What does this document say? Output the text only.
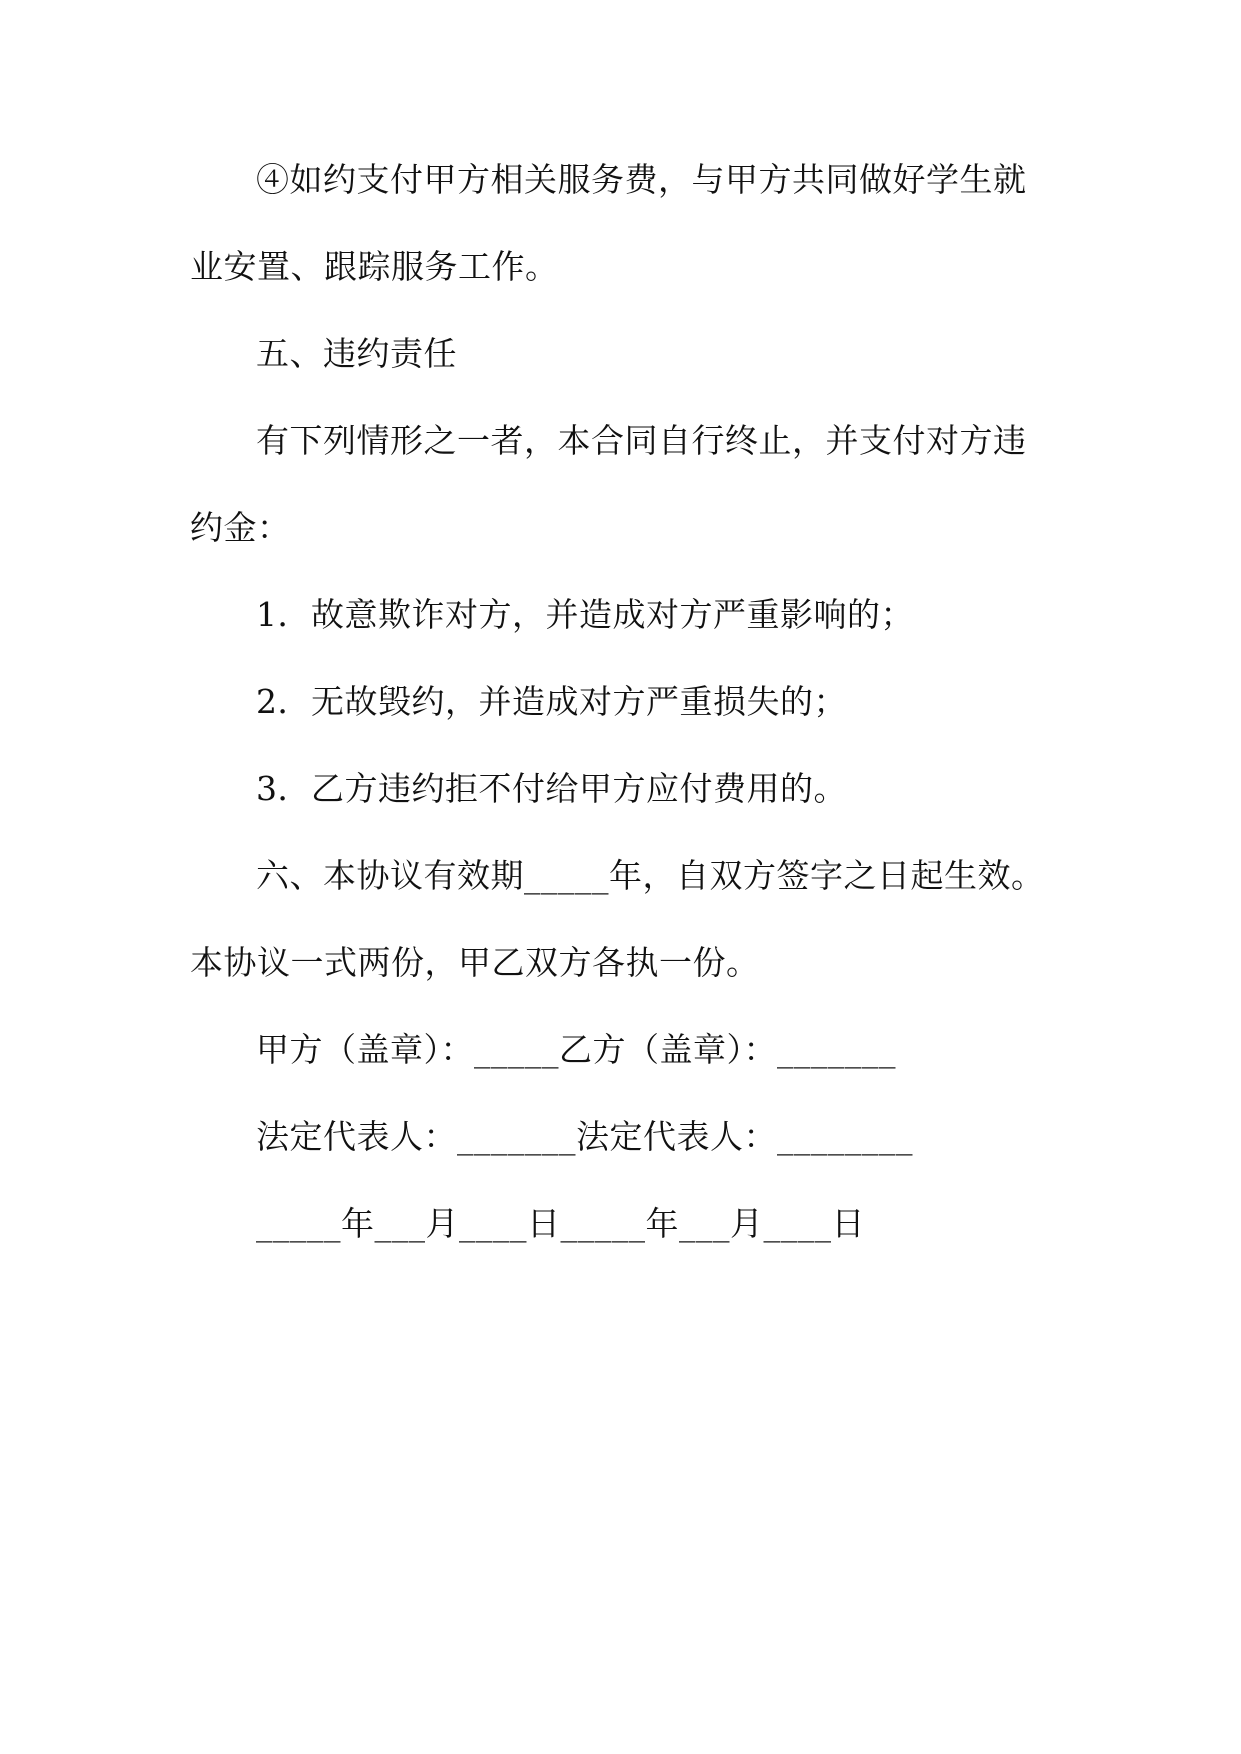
④如约支付甲方相关服务费，与甲方共同做好学生就

业安置、跟踪服务工作。

五、违约责任

有下列情形之一者，本合同自行终止，并支付对方违

约金：

1．故意欺诈对方，并造成对方严重影响的；

2．无故毁约，并造成对方严重损失的；

3．乙方违约拒不付给甲方应付费用的。

六、本协议有效期_____年，自双方签字之日起生效。

本协议一式两份，甲乙双方各执一份。

甲方（盖章）：_____乙方（盖章）：_______

法定代表人：_______法定代表人：________

_____年___月____日_____年___月____日
